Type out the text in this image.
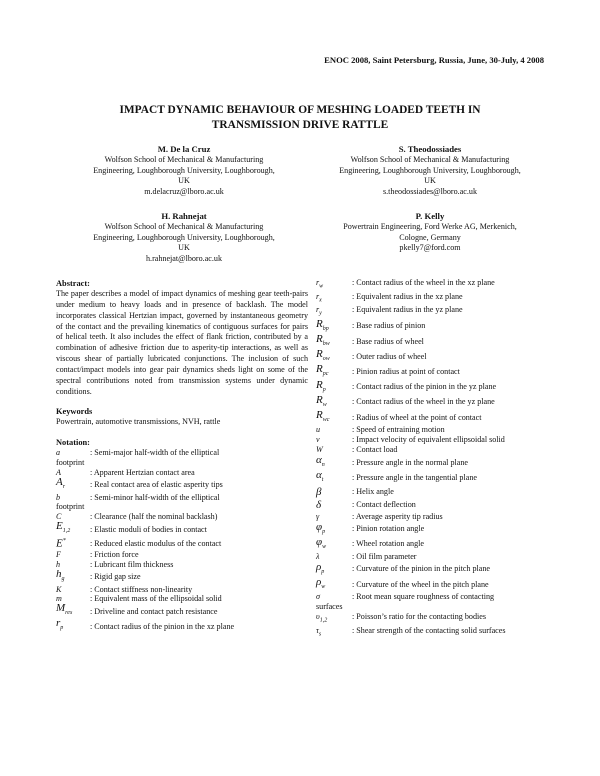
ENOC 2008, Saint Petersburg, Russia, June, 30-July, 4 2008
IMPACT DYNAMIC BEHAVIOUR OF MESHING LOADED TEETH IN TRANSMISSION DRIVE RATTLE
M. De la Cruz
Wolfson School of Mechanical & Manufacturing
Engineering, Loughborough University, Loughborough,
UK
m.delacruz@lboro.ac.uk
S. Theodossiades
Wolfson School of Mechanical & Manufacturing
Engineering, Loughborough University, Loughborough,
UK
s.theodossiades@lboro.ac.uk
H. Rahnejat
Wolfson School of Mechanical & Manufacturing
Engineering, Loughborough University, Loughborough,
UK
h.rahnejat@lboro.ac.uk
P. Kelly
Powertrain Engineering, Ford Werke AG, Merkenich,
Cologne, Germany
pkelly7@ford.com
Abstract:

The paper describes a model of impact dynamics of meshing gear teeth-pairs under medium to heavy loads and in presence of backlash. The model incorporates classical Hertzian impact, governed by instantaneous geometry of the contact and the prevailing kinematics of contiguous surfaces for pairs of helical teeth. It also includes the effect of flank friction, contributed by a combination of adhesive friction due to asperity-tip interactions, as well as viscous shear of partially lubricated conjunctions. The inclusion of such contact/impact models into gear pair dynamics sheds light on some of the spectral contributions noted from transmission systems under dynamic conditions.

Keywords

Powertrain, automotive transmissions, NVH, rattle

Notation:
a	: Semi-major half-width of the elliptical
footprint
A	: Apparent Hertzian contact area
$A_r$	: Real contact area of elastic asperity tips
b	: Semi-minor half-width of the elliptical
footprint
C	: Clearance (half the nominal backlash)
$E_{1,2}$	: Elastic moduli of bodies in contact
E*	: Reduced elastic modulus of the contact
F	: Friction force
h	: Lubricant film thickness
$h_g$	: Rigid gap size
K	: Contact stiffness non-linearity
m	: Equivalent mass of the ellipsoidal solid
$M_{res}$	: Driveline and contact patch resistance
$r_p$	: Contact radius of the pinion in the xz plane
$r_w$	: Contact radius of the wheel in the xz plane
$r_x$	: Equivalent radius in the xz plane
$r_y$	: Equivalent radius in the yz plane
$R_{bp}$	: Base radius of pinion
$R_{bw}$	: Base radius of wheel
$R_{ow}$	: Outer radius of wheel
$R_{pc}$	: Pinion radius at point of contact
$R_p$	: Contact radius of the pinion in the yz plane
$R_w$	: Contact radius of the wheel in the yz plane
$R_{wc}$	: Radius of wheel at the point of contact
u	: Speed of entraining motion
v	: Impact velocity of equivalent ellipsoidal solid
W	: Contact load
$\alpha_n$	: Pressure angle in the normal plane
$\alpha_t$	: Pressure angle in the tangential plane
β	: Helix angle
δ	: Contact deflection
γ	: Average asperity tip radius
$\varphi_p$	: Pinion rotation angle
$\varphi_w$	: Wheel rotation angle
λ	: Oil film parameter
$\rho_p$	: Curvature of the pinion in the pitch plane
$\rho_w$	: Curvature of the wheel in the pitch plane
σ	: Root mean square roughness of contacting
surfaces
$\upsilon_{1,2}$	: Poisson’s ratio for the contacting bodies
$\tau_s$	: Shear strength of the contacting solid surfaces
